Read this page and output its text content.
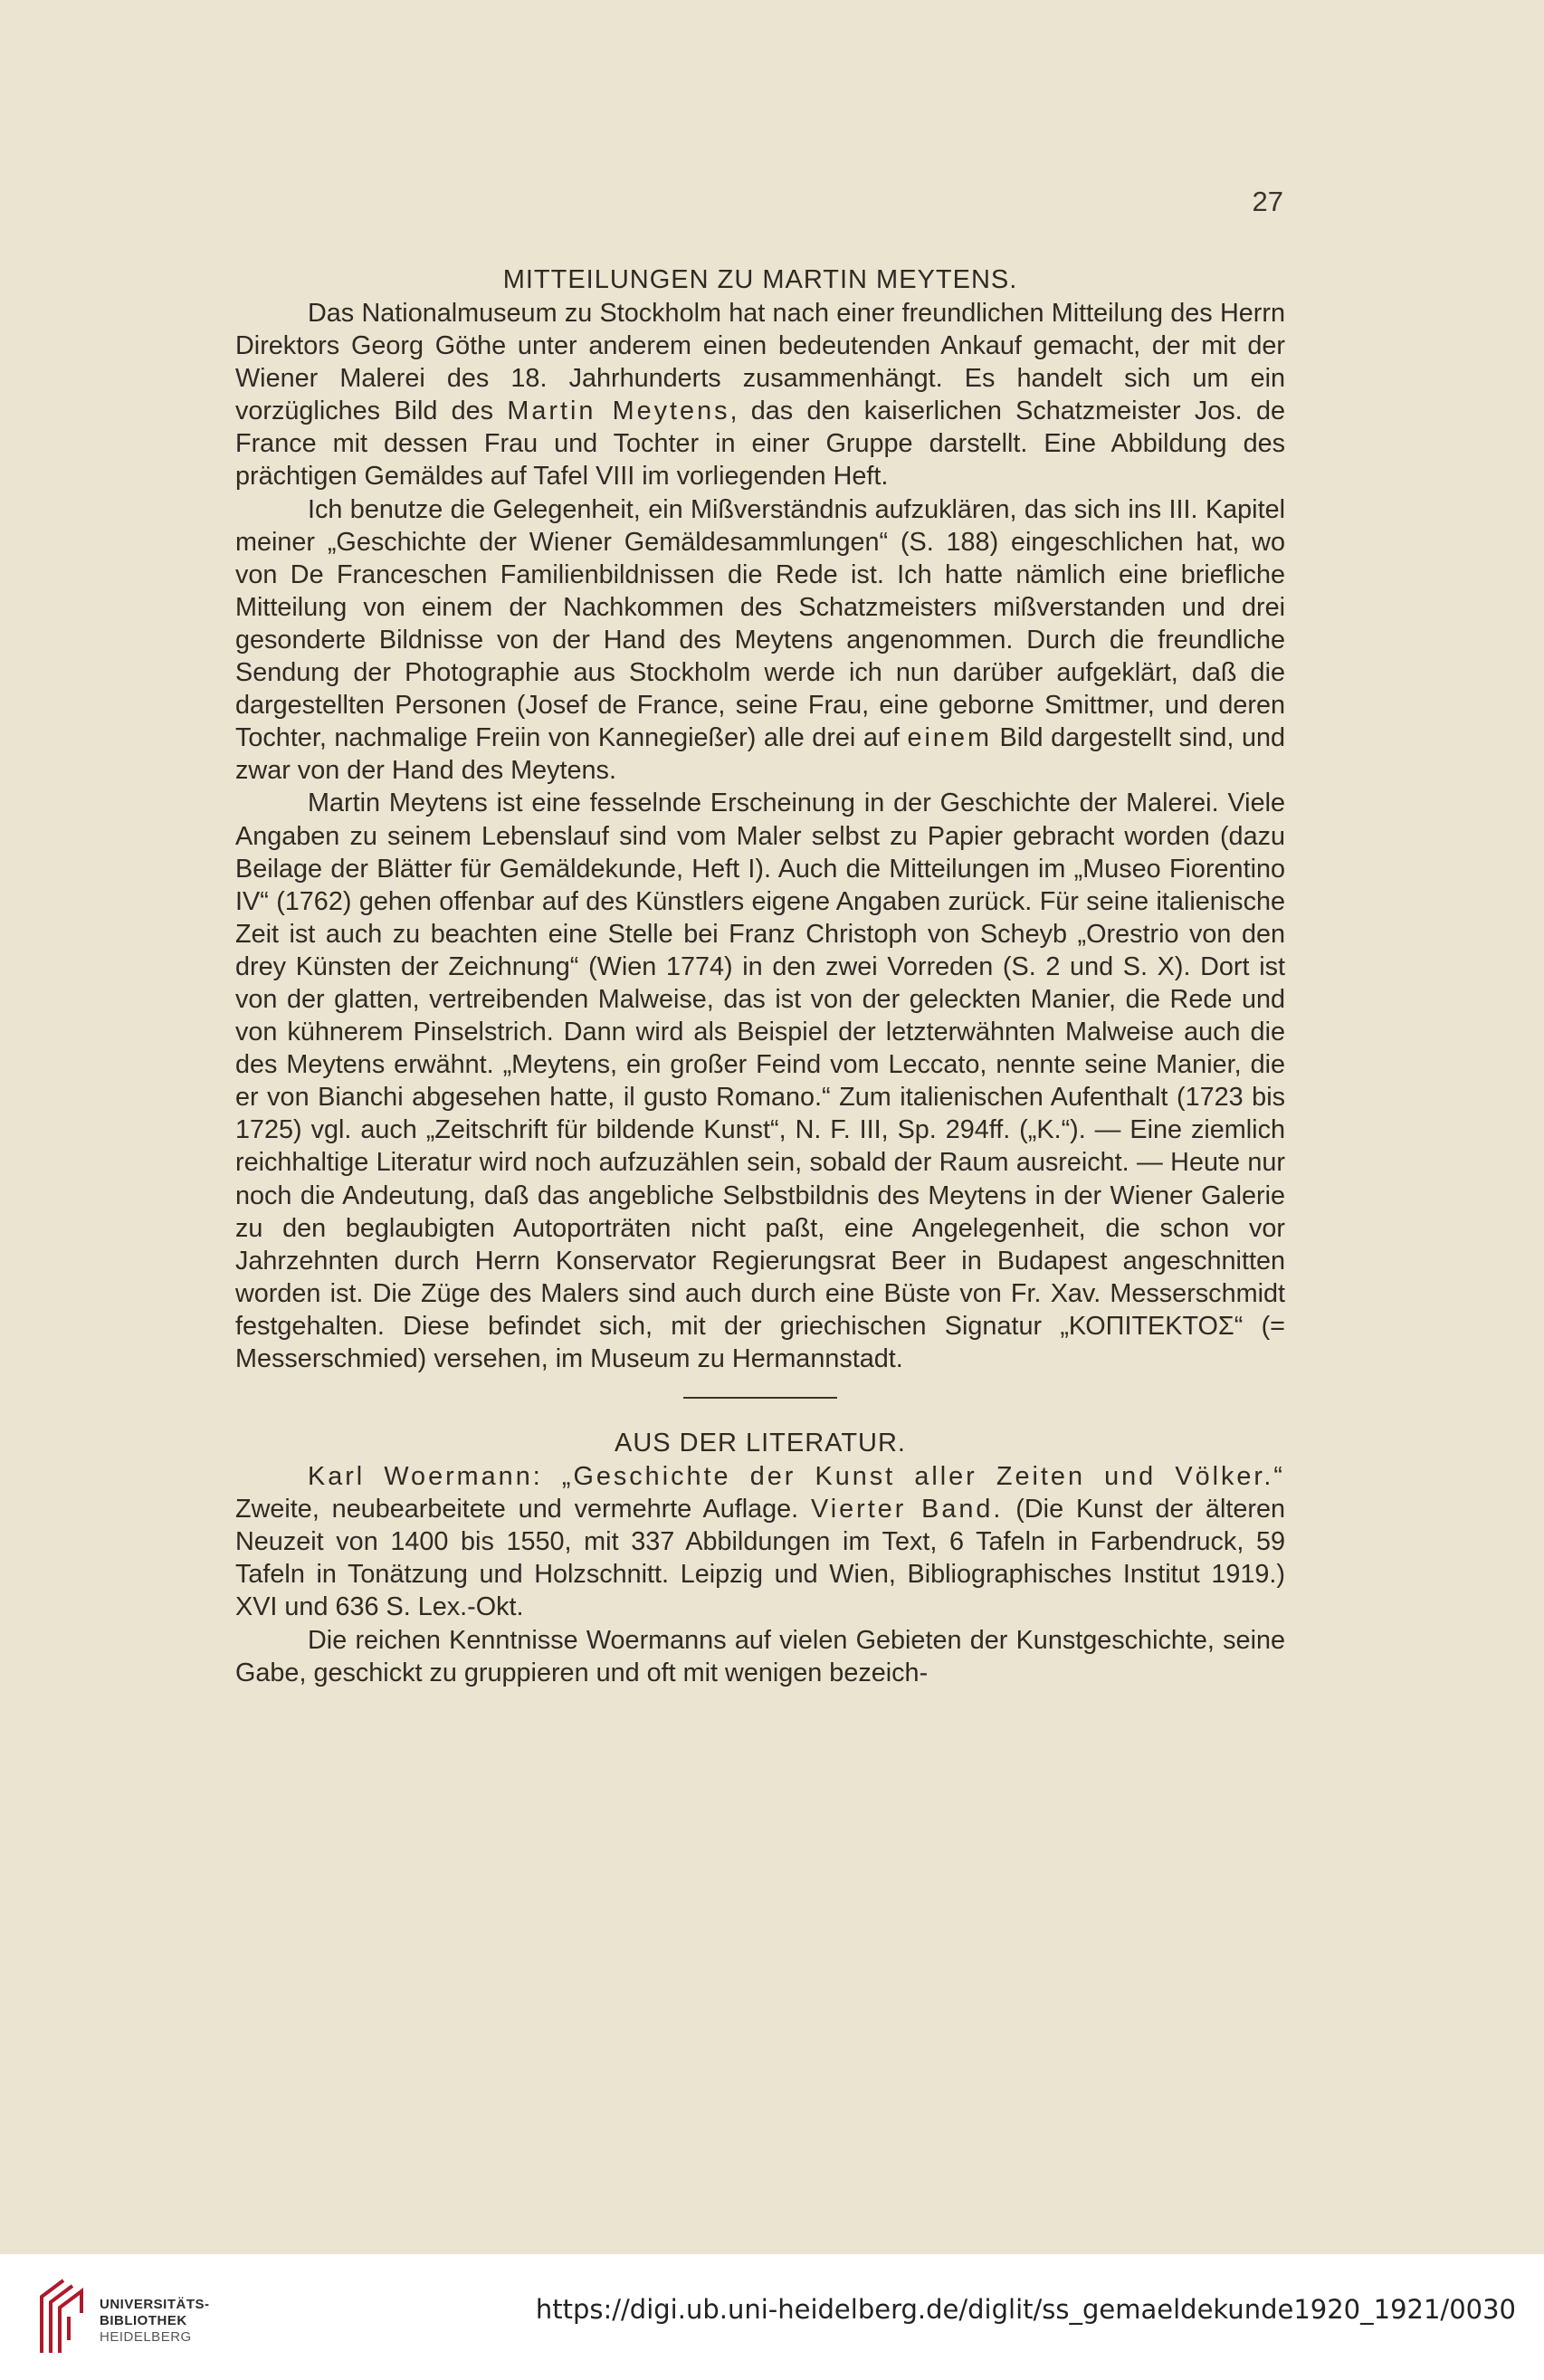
27
MITTEILUNGEN ZU MARTIN MEYTENS.

Das Nationalmuseum zu Stockholm hat nach einer freundlichen Mitteilung des Herrn Direktors Georg Göthe unter anderem einen bedeutenden Ankauf gemacht, der mit der Wiener Malerei des 18. Jahrhunderts zusammenhängt. Es handelt sich um ein vorzügliches Bild des Martin Meytens, das den kaiserlichen Schatzmeister Jos. de France mit dessen Frau und Tochter in einer Gruppe darstellt. Eine Abbildung des prächtigen Gemäldes auf Tafel VIII im vorliegenden Heft.

Ich benutze die Gelegenheit, ein Mißverständnis aufzuklären, das sich ins III. Kapitel meiner „Geschichte der Wiener Gemäldesammlungen“ (S. 188) eingeschlichen hat, wo von De Franceschen Familienbildnissen die Rede ist. Ich hatte nämlich eine briefliche Mitteilung von einem der Nachkommen des Schatzmeisters mißverstanden und drei gesonderte Bildnisse von der Hand des Meytens angenommen. Durch die freundliche Sendung der Photographie aus Stockholm werde ich nun darüber aufgeklärt, daß die dargestellten Personen (Josef de France, seine Frau, eine geborne Smittmer, und deren Tochter, nachmalige Freiin von Kannegießer) alle drei auf einem Bild dargestellt sind, und zwar von der Hand des Meytens.

Martin Meytens ist eine fesselnde Erscheinung in der Geschichte der Malerei. Viele Angaben zu seinem Lebenslauf sind vom Maler selbst zu Papier gebracht worden (dazu Beilage der Blätter für Gemäldekunde, Heft I). Auch die Mitteilungen im „Museo Fiorentino IV“ (1762) gehen offenbar auf des Künstlers eigene Angaben zurück. Für seine italienische Zeit ist auch zu beachten eine Stelle bei Franz Christoph von Scheyb „Orestrio von den drey Künsten der Zeichnung“ (Wien 1774) in den zwei Vorreden (S. 2 und S. X). Dort ist von der glatten, vertreibenden Malweise, das ist von der geleckten Manier, die Rede und von kühnerem Pinselstrich. Dann wird als Beispiel der letzterwähnten Malweise auch die des Meytens erwähnt. „Meytens, ein großer Feind vom Leccato, nennte seine Manier, die er von Bianchi abgesehen hatte, il gusto Romano.“ Zum italienischen Aufenthalt (1723 bis 1725) vgl. auch „Zeitschrift für bildende Kunst“, N. F. III, Sp. 294ff. („K.“). — Eine ziemlich reichhaltige Literatur wird noch aufzuzählen sein, sobald der Raum ausreicht. — Heute nur noch die Andeutung, daß das angebliche Selbstbildnis des Meytens in der Wiener Galerie zu den beglaubigten Autoporträten nicht paßt, eine Angelegenheit, die schon vor Jahrzehnten durch Herrn Konservator Regierungsrat Beer in Budapest angeschnitten worden ist. Die Züge des Malers sind auch durch eine Büste von Fr. Xav. Messerschmidt festgehalten. Diese befindet sich, mit der griechischen Signatur „ΚΟΠΙΤΕΚΤΟΣ“ (= Messerschmied) versehen, im Museum zu Hermannstadt.

AUS DER LITERATUR.

Karl Woermann: „Geschichte der Kunst aller Zeiten und Völker.“ Zweite, neubearbeitete und vermehrte Auflage. Vierter Band. (Die Kunst der älteren Neuzeit von 1400 bis 1550, mit 337 Abbildungen im Text, 6 Tafeln in Farbendruck, 59 Tafeln in Tonätzung und Holzschnitt. Leipzig und Wien, Bibliographisches Institut 1919.) XVI und 636 S. Lex.-Okt.

Die reichen Kenntnisse Woermanns auf vielen Gebieten der Kunstgeschichte, seine Gabe, geschickt zu gruppieren und oft mit wenigen bezeich-

UNIVERSITÄTS-
BIBLIOTHEK
HEIDELBERG
https://digi.ub.uni-heidelberg.de/diglit/ss_gemaeldekunde1920_1921/0030
